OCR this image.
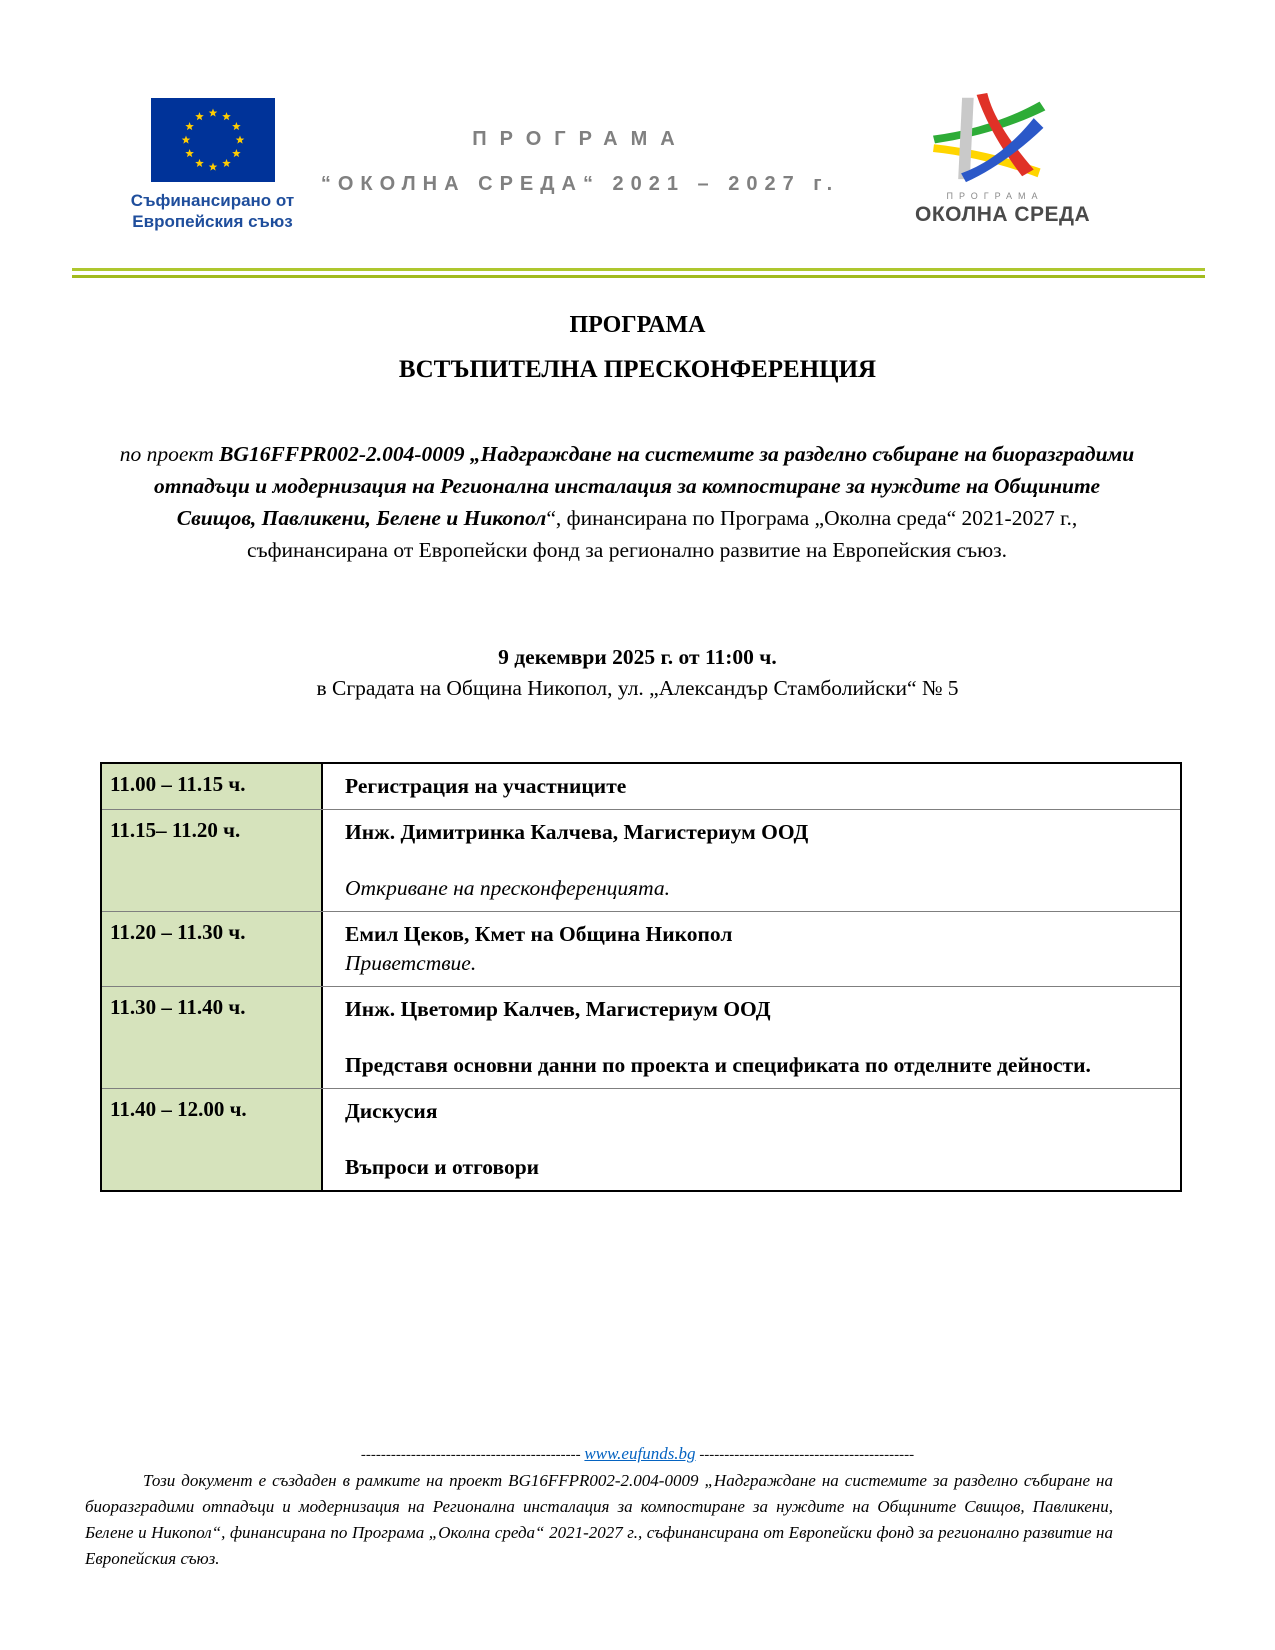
Съфинансирано от
Европейския съюз
ПРОГРАМА
“ОКОЛНА СРЕДА“ 2021 – 2027 г.
ПРОГРАМА
ОКОЛНА СРЕДА
ПРОГРАМА
ВСТЪПИТЕЛНА ПРЕСКОНФЕРЕНЦИЯ
по проект BG16FFPR002-2.004-0009 „Надграждане на системите за разделно събиране на биоразградими отпадъци и модернизация на Регионална инсталация за компостиране за нуждите на Общините Свищов, Павликени, Белене и Никопол“, финансирана по Програма „Околна среда“ 2021-2027 г., съфинансирана от Европейски фонд за регионално развитие на Европейския съюз.
9 декември 2025 г. от 11:00 ч.
в Сградата на Община Никопол, ул. „Александър Стамболийски“ № 5
11.00 – 11.15 ч.	Регистрация на участниците
11.15– 11.20 ч.	Инж. Димитринка Калчева, Магистериум ООД
Откриване на пресконференцията.
11.20 – 11.30 ч.	Емил Цеков, Кмет на Община Никопол
Приветствие.
11.30 – 11.40 ч.	Инж. Цветомир Калчев, Магистериум ООД
Представя основни данни по проекта и спецификата по отделните дейности.
11.40 – 12.00 ч.	Дискусия
Въпроси и отговори
-------------------------------------------- www.eufunds.bg -------------------------------------------
Този документ е създаден в рамките на проект BG16FFPR002-2.004-0009 „Надграждане на системите за разделно събиране на биоразградими отпадъци и модернизация на Регионална инсталация за компостиране за нуждите на Общините Свищов, Павликени, Белене и Никопол“, финансирана по Програма „Околна среда“ 2021-2027 г., съфинансирана от Европейски фонд за регионално развитие на Европейския съюз.
